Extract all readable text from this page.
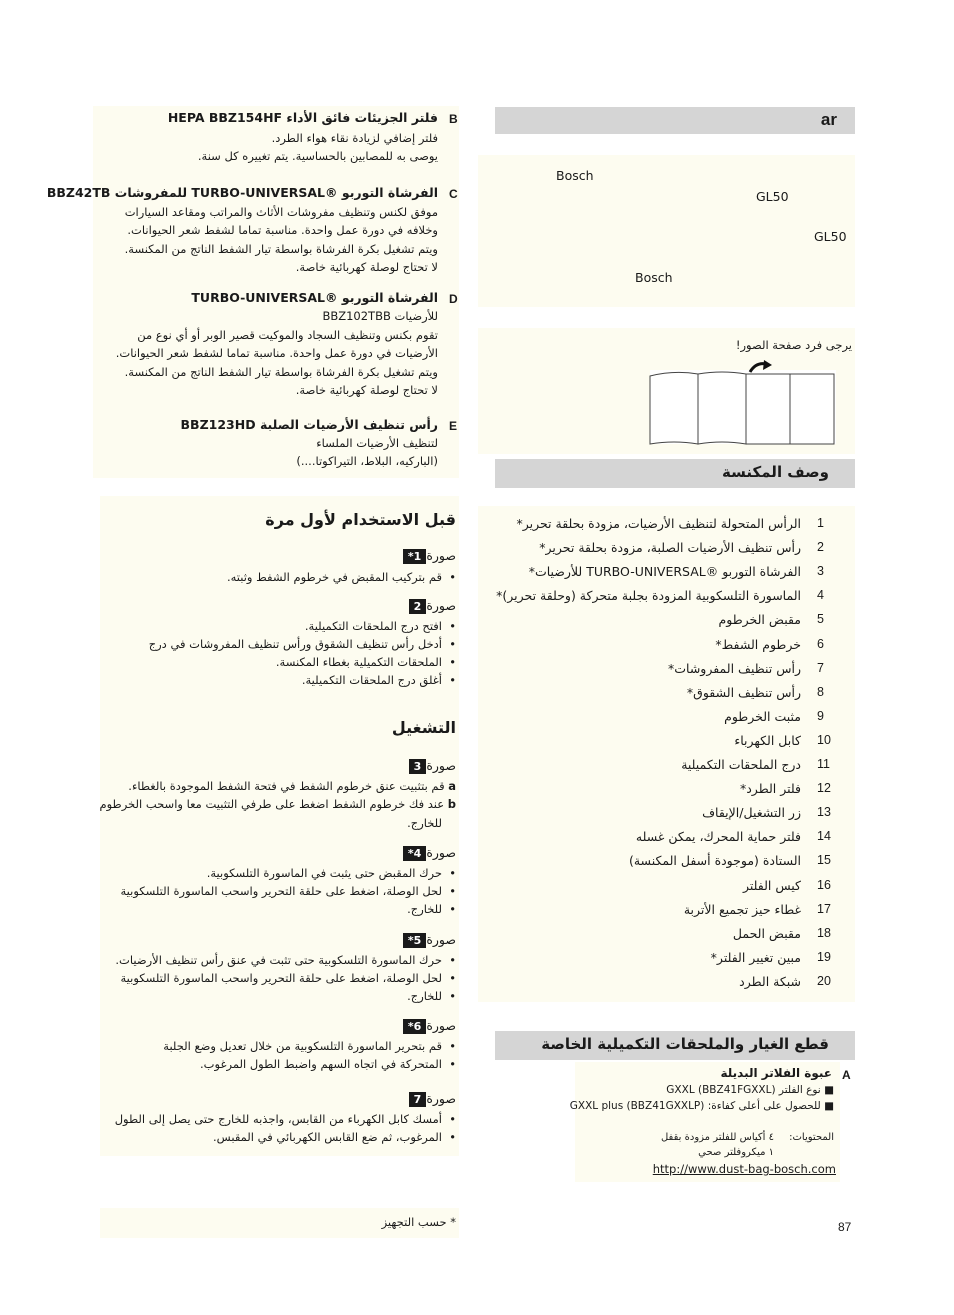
B
فلتر الجزيئات فائق الأداء HEPA BBZ154HF
فلتر إضافي لزيادة نقاء هواء الطرد.
يوصى به للمصابين بالحساسية. يتم تغييره كل سنة.
C
الفرشاة التوربو ®TURBO-UNIVERSAL للمفروشات BBZ42TB
موفق لكنس وتنظيف مفروشات الأثاث والمراتب ومقاعد السيارات
وخلافه في دورة عمل واحدة. مناسبة تماما لشفط شعر الحيوانات.
ويتم تشغيل بكرة الفرشاة بواسطة تيار الشفط الناتج من المكنسة.
لا تحتاج لوصلة كهربائية خاصة.
D
الفرشاة التوربو ®TURBO-UNIVERSAL
للأرضيات BBZ102TBB
تقوم بكنس وتنظيف السجاد والموكيت قصير الوبر أو أي نوع من
الأرضيات في دورة عمل واحدة. مناسبة تماما لشفط شعر الحيوانات.
ويتم تشغيل بكرة الفرشاة بواسطة تيار الشفط الناتج من المكنسة.
لا تحتاج لوصلة كهربائية خاصة.
E
رأس تنظيف الأرضيات الصلبة BBZ123HD
لتنظيف الأرضيات الملساء
(الباركيه، البلاط، التيراكوتا....)
قبل الاستخدام لأول مرة
صورة1*
• قم بتركيب المقبض في خرطوم الشفط وثبته.
صورة2
• افتح درج الملحقات التكميلية.
• أدخل رأس تنظيف الشقوق ورأس تنظيف المفروشات في درج
• الملحقات التكميلية بغطاء المكنسة.
• أغلق درج الملحقات التكميلية.
التشغيل
صورة3
a قم بتثبيت عنق خرطوم الشفط في فتحة الشفط الموجودة بالغطاء.
b عند فك خرطوم الشفط اضغط على طرفي التثبيت معا واسحب الخرطوم
للخارج.
صورة4*
• حرك المقبض حتى يثبت في الماسورة التلسكوبية.
• لحل الوصلة، اضغط على حلقة التحرير واسحب الماسورة التلسكوبية
• للخارج.
صورة5*
• حرك الماسورة التلسكوبية حتى تثبت في عنق رأس تنظيف الأرضيات.
• لحل الوصلة، اضغط على حلقة التحرير واسحب الماسورة التلسكوبية
• للخارج.
صورة6*
• قم بتحرير الماسورة التلسكوبية من خلال تعديل وضع الجلبة
• المتحركة في اتجاه السهم واضبط الطول المرغوب.
صورة7
• أمسك كابل الكهرباء من القابس، واجذبه للخارج حتى يصل إلى الطول
• المرغوب، ثم ضع القابس الكهربائي في المقبس.
* حسب التجهيز
ar
Bosch
GL50
GL50
Bosch
يرجى فرد صفحة الصور!
وصف المكنسة
1
الرأس المتحولة لتنظيف الأرضيات، مزودة بحلقة تحرير*
2
رأس تنظيف الأرضيات الصلبة، مزودة بحلقة تحرير*
3
الفرشاة التوربو ®TURBO-UNIVERSAL للأرضيات*
4
الماسورة التلسكوبية المزودة بجلبة متحركة (وحلقة تحرير)*
5
مقبض الخرطوم
6
خرطوم الشفط*
7
رأس تنظيف المفروشات*
8
رأس تنظيف الشقوق*
9
مثبت الخرطوم
10
كابل الكهرباء
11
درج الملحقات التكميلية
12
فلتر الطرد*
13
زر التشغيل/الإيقاف
14
فلتر حماية المحرك، يمكن غسله
15
الستادة (موجودة أسفل المكنسة)
16
كيس الفلتر
17
غطاء حيز تجميع الأتربة
18
مقبض الحمل
19
مبين تغيير الفلتر*
20
شبكة الطرد
قطع الغيار والملحقات التكميلية الخاصة
A
عبوة الفلاتر البديلة
■ نوع الفلتر GXXL (BBZ41FGXXL)
■ للحصول على أعلى كفاءة: GXXL plus (BBZ41GXXLP)
المحتويات:
٤ أكياس للفلتر مزودة بقفل
١ ميكروفلتر صحي
http://www.dust-bag-bosch.com
87
